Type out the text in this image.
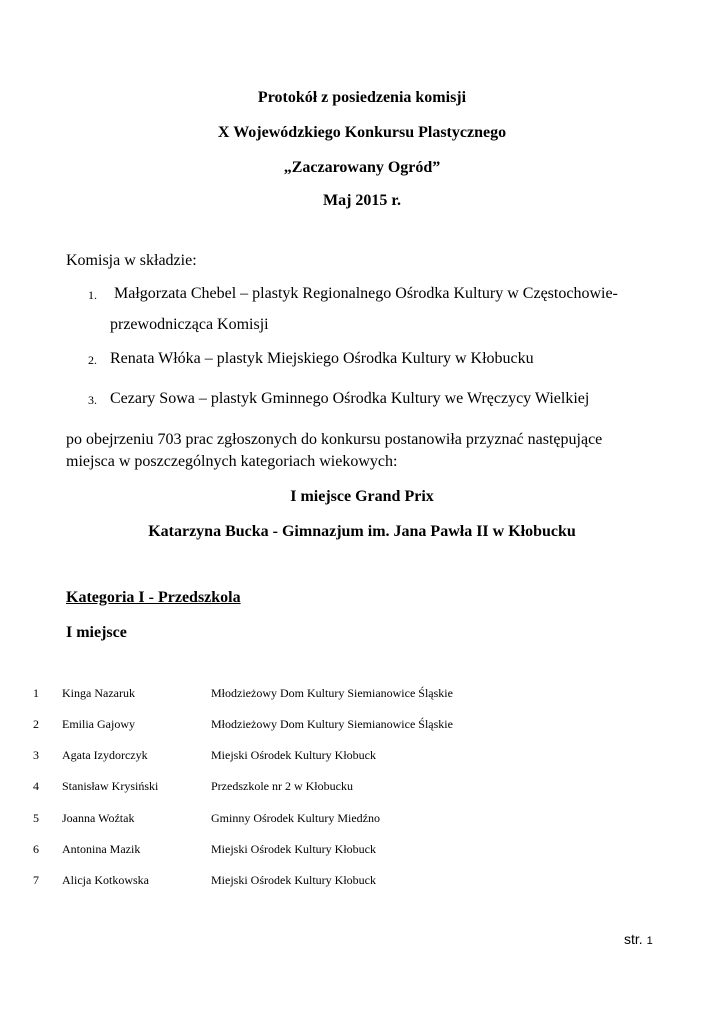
Protokół z posiedzenia komisji
X Wojewódzkiego Konkursu Plastycznego
„Zaczarowany Ogród”
Maj 2015 r.
Komisja w składzie:
1. Małgorzata Chebel – plastyk Regionalnego Ośrodka Kultury w Częstochowie-
przewodnicząca Komisji
2. Renata Włóka – plastyk Miejskiego Ośrodka Kultury w Kłobucku
3. Cezary Sowa – plastyk Gminnego Ośrodka Kultury we Wręczycy Wielkiej
po obejrzeniu 703 prac zgłoszonych do konkursu postanowiła przyznać następujące
miejsca w poszczególnych kategoriach wiekowych:
I miejsce Grand Prix
Katarzyna Bucka - Gimnazjum im. Jana Pawła II w Kłobucku
Kategoria I - Przedszkola
I miejsce
1 Kinga Nazaruk	Młodzieżowy Dom Kultury Siemianowice Śląskie
2 Emilia Gajowy	Młodzieżowy Dom Kultury Siemianowice Śląskie
3 Agata Izydorczyk	Miejski Ośrodek Kultury Kłobuck
4 Stanisław Krysiński	Przedszkole nr 2 w Kłobucku
5 Joanna Woźtak	Gminny Ośrodek Kultury Miedźno
6 Antonina Mazik	Miejski Ośrodek Kultury Kłobuck
7 Alicja Kotkowska	Miejski Ośrodek Kultury Kłobuck
str. 1
